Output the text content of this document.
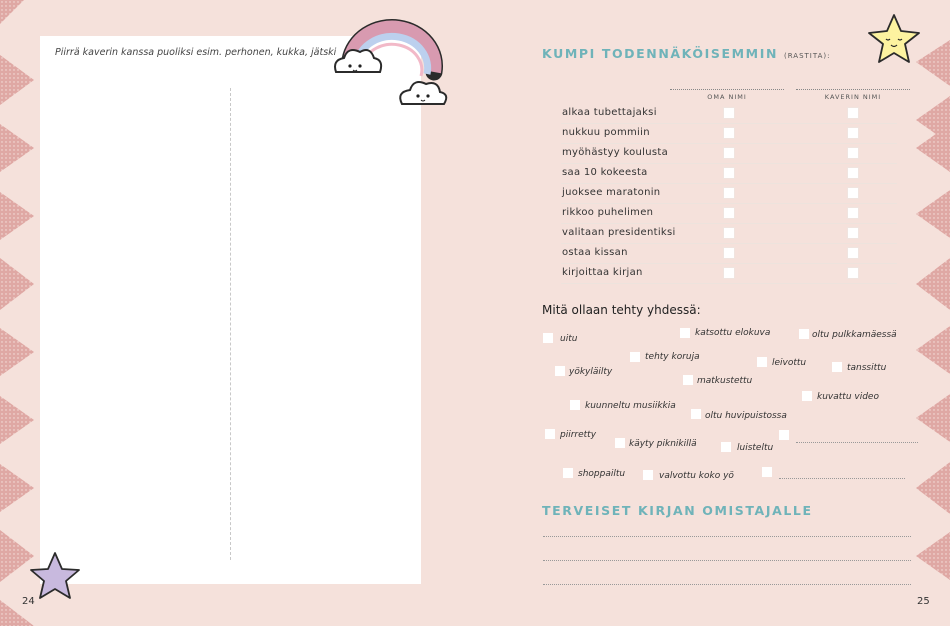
Piirrä kaverin kanssa puoliksi esim. perhonen, kukka, jätski
24
KUMPI TODENNÄKÖISEMMIN (RASTITA):
OMA NIMI	KAVERIN NIMI
alkaa tubettajaksi
nukkuu pommiin
myöhästyy koulusta
saa 10 kokeesta
juoksee maratonin
rikkoo puhelimen
valitaan presidentiksi
ostaa kissan
kirjoittaa kirjan
Mitä ollaan tehty yhdessä:
uitu
katsottu elokuva	oltu pulkkamäessä
tehty koruja
yökyläilty
leivottu	tanssittu
matkustettu
kuunneltu musiikkia
kuvattu video
oltu huvipuistossa
piirretty
käyty piknikillä	luisteltu
shoppailtu	valvottu koko yö
TERVEISET KIRJAN OMISTAJALLE
25
